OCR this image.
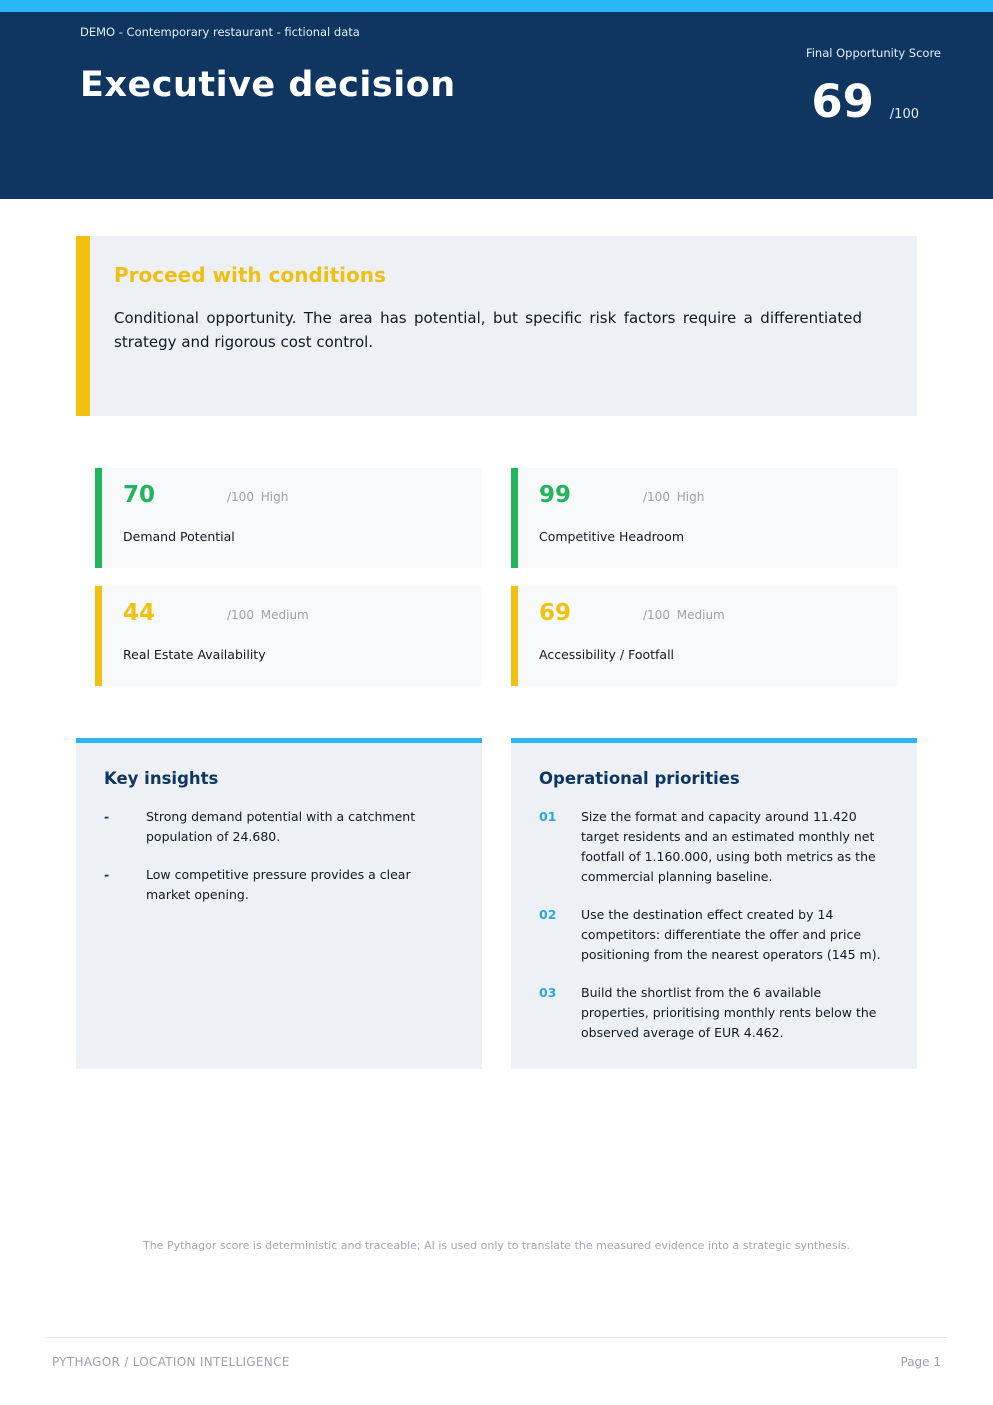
DEMO - Contemporary restaurant - fictional data
Executive decision
Final Opportunity Score
69 /100
Proceed with conditions
Conditional opportunity. The area has potential, but specific risk factors require a differentiated strategy and rigorous cost control.
70	/100 High
Demand Potential
99	/100 High
Competitive Headroom
44	/100 Medium
Real Estate Availability
69	/100 Medium
Accessibility / Footfall
Key insights
-	Strong demand potential with a catchment population of 24.680.
-	Low competitive pressure provides a clear market opening.
Operational priorities
01	Size the format and capacity around 11.420 target residents and an estimated monthly net footfall of 1.160.000, using both metrics as the commercial planning baseline.
02	Use the destination effect created by 14 competitors: differentiate the offer and price positioning from the nearest operators (145 m).
03	Build the shortlist from the 6 available properties, prioritising monthly rents below the observed average of EUR 4.462.
The Pythagor score is deterministic and traceable; AI is used only to translate the measured evidence into a strategic synthesis.
PYTHAGOR / LOCATION INTELLIGENCE	Page 1
